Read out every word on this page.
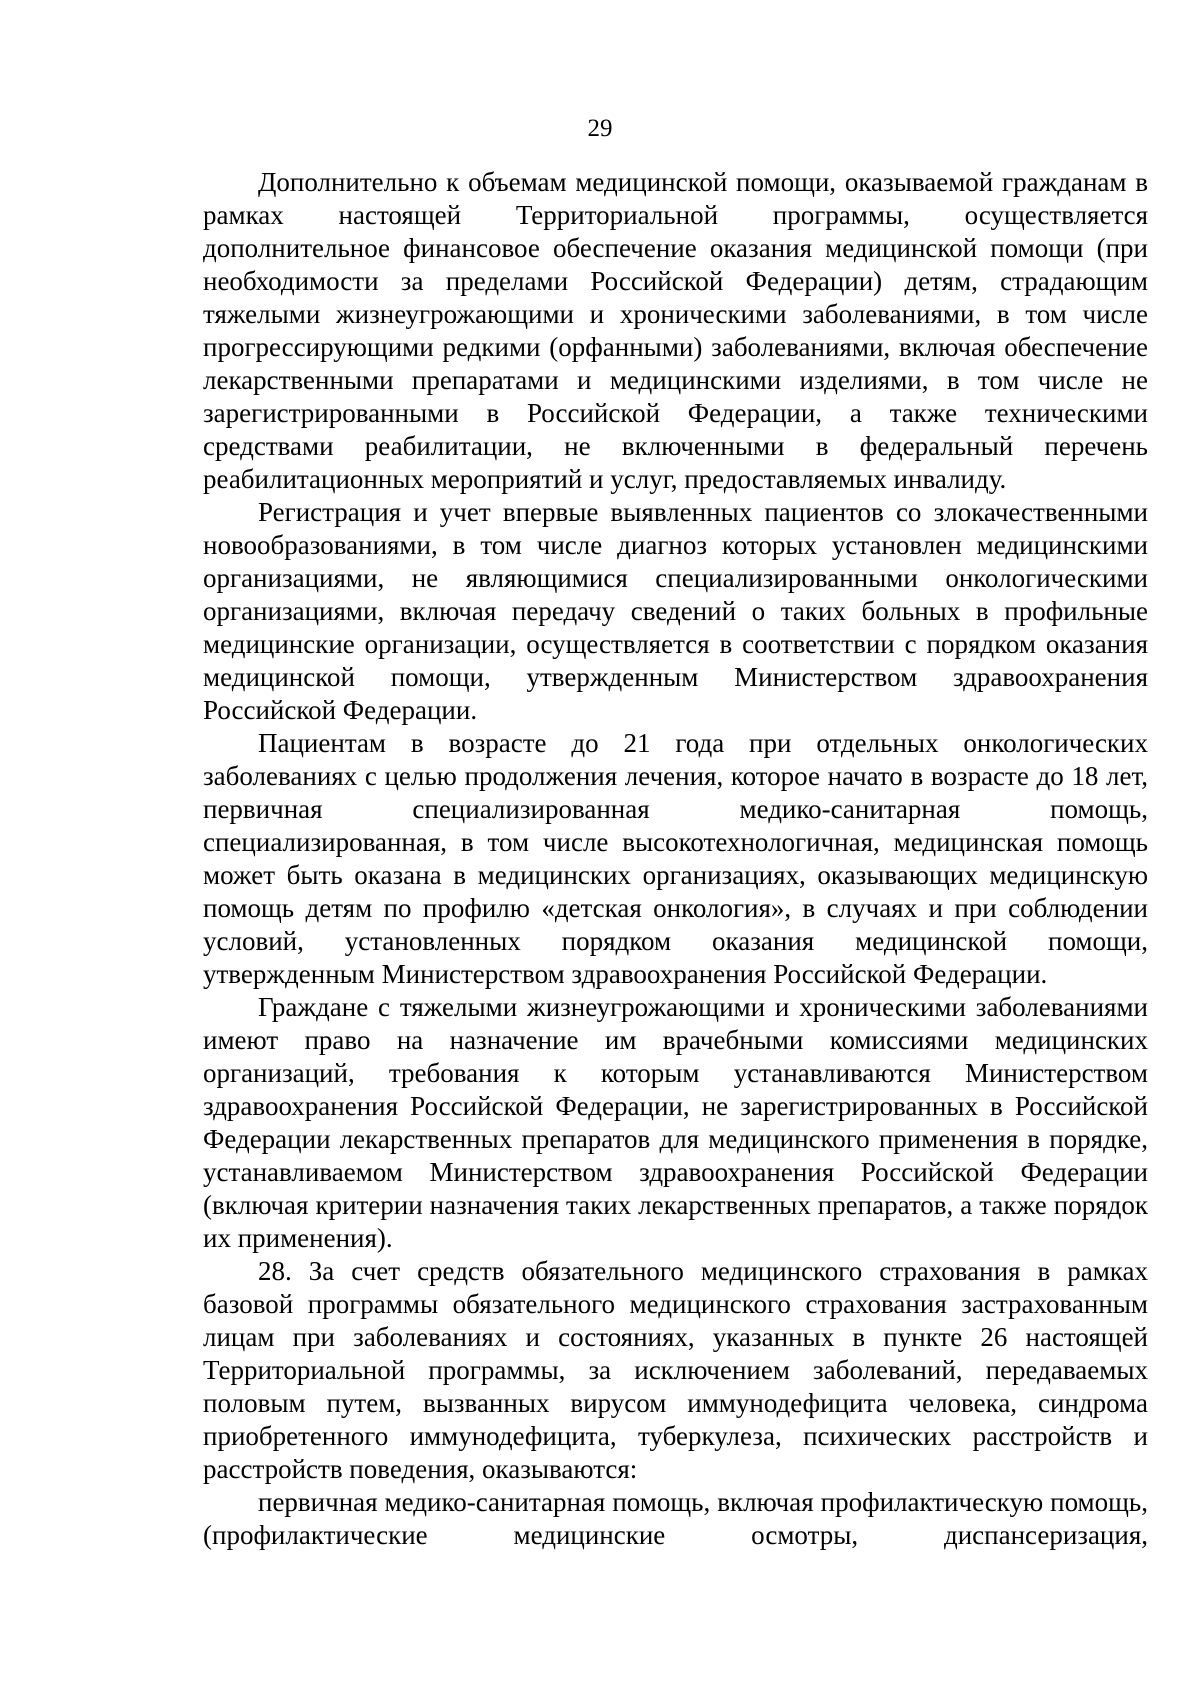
29

Дополнительно к объемам медицинской помощи, оказываемой гражданам в рамках настоящей Территориальной программы, осуществляется дополнительное финансовое обеспечение оказания медицинской помощи (при необходимости за пределами Российской Федерации) детям, страдающим тяжелыми жизнеугрожающими и хроническими заболеваниями, в том числе прогрессирующими редкими (орфанными) заболеваниями, включая обеспечение лекарственными препаратами и медицинскими изделиями, в том числе не зарегистрированными в Российской Федерации, а также техническими средствами реабилитации, не включенными в федеральный перечень реабилитационных мероприятий и услуг, предоставляемых инвалиду.

Регистрация и учет впервые выявленных пациентов со злокачественными новообразованиями, в том числе диагноз которых установлен медицинскими организациями, не являющимися специализированными онкологическими организациями, включая передачу сведений о таких больных в профильные медицинские организации, осуществляется в соответствии с порядком оказания медицинской помощи, утвержденным Министерством здравоохранения Российской Федерации.

Пациентам в возрасте до 21 года при отдельных онкологических заболеваниях с целью продолжения лечения, которое начато в возрасте до 18 лет, первичная специализированная медико-санитарная помощь, специализированная, в том числе высокотехнологичная, медицинская помощь может быть оказана в медицинских организациях, оказывающих медицинскую помощь детям по профилю «детская онкология», в случаях и при соблюдении условий, установленных порядком оказания медицинской помощи, утвержденным Министерством здравоохранения Российской Федерации.

Граждане с тяжелыми жизнеугрожающими и хроническими заболеваниями имеют право на назначение им врачебными комиссиями медицинских организаций, требования к которым устанавливаются Министерством здравоохранения Российской Федерации, не зарегистрированных в Российской Федерации лекарственных препаратов для медицинского применения в порядке, устанавливаемом Министерством здравоохранения Российской Федерации (включая критерии назначения таких лекарственных препаратов, а также порядок их применения).

28. За счет средств обязательного медицинского страхования в рамках базовой программы обязательного медицинского страхования застрахованным лицам при заболеваниях и состояниях, указанных в пункте 26 настоящей Территориальной программы, за исключением заболеваний, передаваемых половым путем, вызванных вирусом иммунодефицита человека, синдрома приобретенного иммунодефицита, туберкулеза, психических расстройств и расстройств поведения, оказываются:

первичная медико-санитарная помощь, включая профилактическую помощь, (профилактические медицинские осмотры, диспансеризация,
